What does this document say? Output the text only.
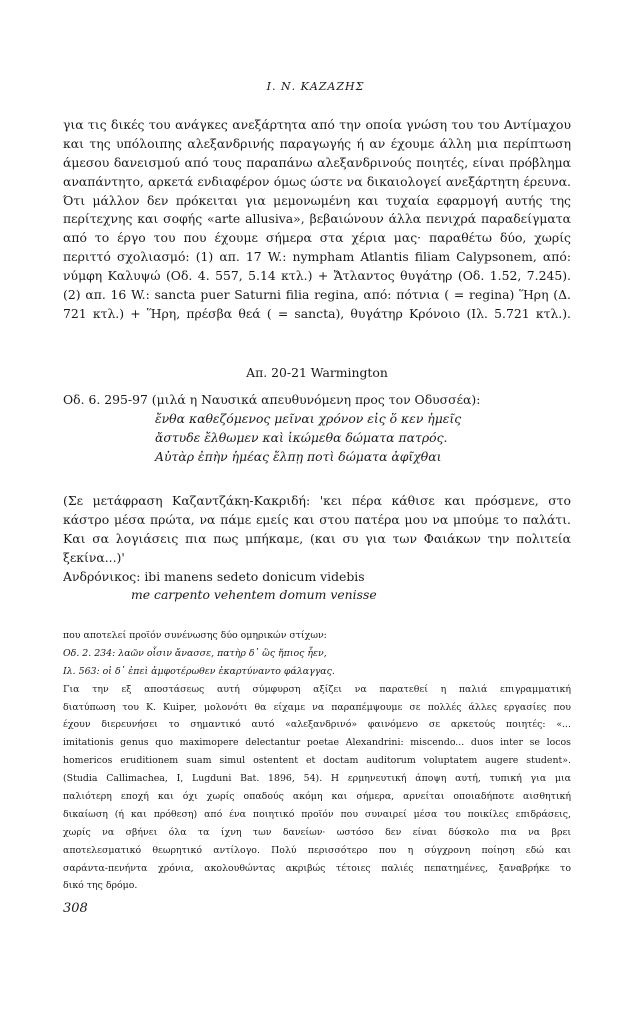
Ι. Ν. ΚΑΖΑΖΗΣ
για τις δικές του ανάγκες ανεξάρτητα από την οποία γνώση του του Αντίμαχου
και της υπόλοιπης αλεξανδρινής παραγωγής ή αν έχουμε άλλη μια περίπτωση
άμεσου δανεισμού από τους παραπάνω αλεξανδρινούς ποιητές, είναι πρόβλημα
αναπάντητο, αρκετά ενδιαφέρον όμως ώστε να δικαιολογεί ανεξάρτητη έρευνα.
Ότι μάλλον δεν πρόκειται για μεμονωμένη και τυχαία εφαρμογή αυτής της
περίτεχνης και σοφής «arte allusiva», βεβαιώνουν άλλα πενιχρά παραδείγματα
από το έργο του που έχουμε σήμερα στα χέρια μας· παραθέτω δύο, χωρίς
περιττό σχολιασμό: (1) απ. 17 W.: nympham Atlantis filiam Calypsonem, από:
νύμφη Καλυψώ (Οδ. 4. 557, 5.14 κτλ.) + Ἄτλαντος θυγάτηρ (Οδ. 1.52, 7.245).
(2) απ. 16 W.: sancta puer Saturni filia regina, από: πότνια ( = regina) Ἥρη (Δ.
721 κτλ.) + Ἥρη, πρέσβα θεά ( = sancta), θυγάτηρ Κρόνοιο (Ιλ. 5.721 κτλ.).
Απ. 20-21 Warmington
Οδ. 6. 295-97 (μιλά η Ναυσικά απευθυνόμενη προς τον Οδυσσέα):
ἔνθα καθεζόμενος μεῖναι χρόνον εἰς ὅ κεν ἡμεῖς
ἄστυδε ἔλθωμεν καὶ ἱκώμεθα δώματα πατρός.
Αὐτὰρ ἐπὴν ἡμέας ἔλπῃ ποτὶ δώματα ἀφῖχθαι
(Σε μετάφραση Καζαντζάκη-Κακριδή: 'κει πέρα κάθισε και πρόσμενε, στο
κάστρο μέσα πρώτα, να πάμε εμείς και στου πατέρα μου να μπούμε το παλάτι.
Και σα λογιάσεις πια πως μπήκαμε, (και συ για των Φαιάκων την πολιτεία
ξεκίνα...)'
Ανδρόνικος: ibi manens sedeto donicum videbis
me carpento vehentem domum venisse
που αποτελεί προϊόν συνένωσης δύο ομηρικών στίχων:
Οδ. 2. 234: λαῶν οἷσιν ἄνασσε, πατὴρ δ᾽ ὣς ἤπιος ἦεν,
Ιλ. 563: οἱ δ᾽ ἐπεὶ ἀμφοτέρωθεν ἐκαρτύναντο φάλαγγας.
Για την εξ αποστάσεως αυτή σύμφυρση αξίζει να παρατεθεί η παλιά επιγραμματική
διατύπωση του Κ. Kuiper, μολονότι θα είχαμε να παραπέμψουμε σε πολλές άλλες εργασίες που
έχουν διερευνήσει το σημαντικό αυτό «αλεξανδρινό» φαινόμενο σε αρκετούς ποιητές: «...
imitationis genus quo maximopere delectantur poetae Alexandrini: miscendo... duos inter se locos
homericos eruditionem suam simul ostentent et doctam auditorum voluptatem augere student».
(Studia Callimachea, I, Lugduni Bat. 1896, 54). Η ερμηνευτική άποψη αυτή, τυπική για μια
παλιότερη εποχή και όχι χωρίς οπαδούς ακόμη και σήμερα, αρνείται οποιαδήποτε αισθητική
δικαίωση (ή και πρόθεση) από ένα ποιητικό προϊόν που συναιρεί μέσα του ποικίλες επιδράσεις,
χωρίς να σβήνει όλα τα ίχνη των δανείων· ωστόσο δεν είναι δύσκολο πια να βρει
αποτελεσματικό θεωρητικό αντίλογο. Πολύ περισσότερο που η σύγχρονη ποίηση εδώ και
σαράντα-πενήντα χρόνια, ακολουθώντας ακριβώς τέτοιες παλιές πεπατημένες, ξαναβρήκε το
δικό της δρόμο.
308
